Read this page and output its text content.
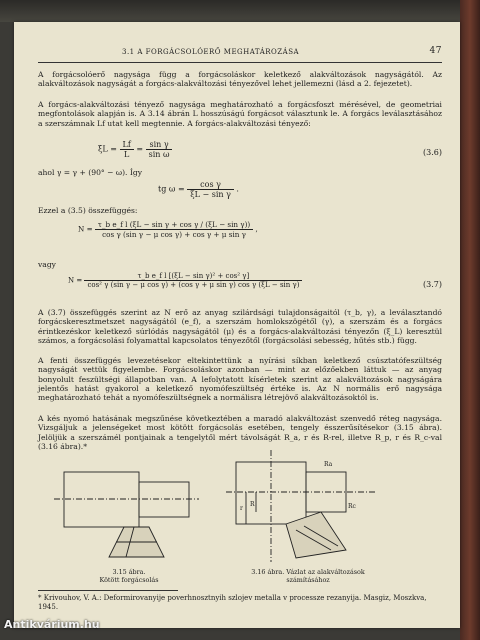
3.1 A FORGÁCSOLÓERŐ MEGHATÁROZÁSA	47
A forgácsolóerő nagysága függ a forgácsoláskor keletkező alakváltozások nagyságától. Az alakváltozások nagyságát a forgács-alakváltozási tényezővel lehet jellemezni (lásd a 2. fejezetet).
A forgács-alakváltozási tényező nagysága meghatározható a forgácsfoszt mérésével, de geometriai megfontolások alapján is. A 3.14 ábrán L hosszúságú forgácsot választunk le. A forgács leválasztásához a szerszámnak Lf utat kell megtennie. A forgács-alakváltozási tényező:
$\xi L = \frac{Lf}{L} = \frac{\text{sin γ}}{\text{sin ω}}$	(3.6)
ahol γ = γ + (90° − ω). Így
tg $\omega = \frac{\text{cos γ}}{\text{ξL − sin γ}}$ .
Ezzel a (3.5) összefüggés:
$N = \frac{\text{τ\_b e\_f l (ξL − sin γ + cos γ / (ξL − sin γ))}}{\text{cos γ (sin γ − μ cos γ) + cos γ + μ sin γ}}$ ,
vagy
N =
τ_b e_f l [(ξL − sin γ)² + cos² γ]
cos² γ (sin γ − μ cos γ) + (cos γ + μ sin γ) cos γ (ξL − sin γ)	(3.7)
A (3.7) összefüggés szerint az N erő az anyag szilárdsági tulajdonságaitól (τ_b, γ), a leválasztandó forgácskeresztmetszet nagyságától (e_f), a szerszám homlokszögétől (γ), a szerszám és a forgács érintkezéskor keletkező súrlódás nagyságától (μ) és a forgács-alakváltozási tényezőn (ξ_L) keresztül számos, a forgácsolási folyamattal kapcsolatos tényezőtől (forgácsolási sebesség, hűtés stb.) függ.
A fenti összefüggés levezetésekor eltekintettünk a nyírási síkban keletkező csúsztatófeszültség nagyságát vettük figyelembe. Forgácsoláskor azonban — mint az előzőekben láttuk — az anyag bonyolult feszültségi állapotban van. A lefolytatott kísérletek szerint az alakváltozások nagyságára jelentős hatást gyakorol a keletkező nyomófeszültség értéke is. Az N normális erő nagysága meghatározható tehát a nyomófeszültségnek a normálisra létrejövő alakváltozásoktól is.
A kés nyomó hatásának megszűnése következtében a maradó alakváltozást szenvedő réteg nagysága. Vizsgáljuk a jelenségeket most kötött forgácsolás esetében, tengely ésszerűsítésekor (3.15 ábra). Jelöljük a szerszámél pontjainak a tengelytől mért távolságát R_a, r és R-rel, illetve R_p, r és R_c-val (3.16 ábra).*
3.15 ábra.
Kötött forgácsolás
r
R
Ra
Rc
3.16 ábra. Vázlat az alakváltozások
számításához
* Krivouhov, V. A.: Deformirovanyije poverhnosztnyih szlojev metalla v processze rezanyija. Masgiz, Moszkva, 1945.
Antikvárium.hu
